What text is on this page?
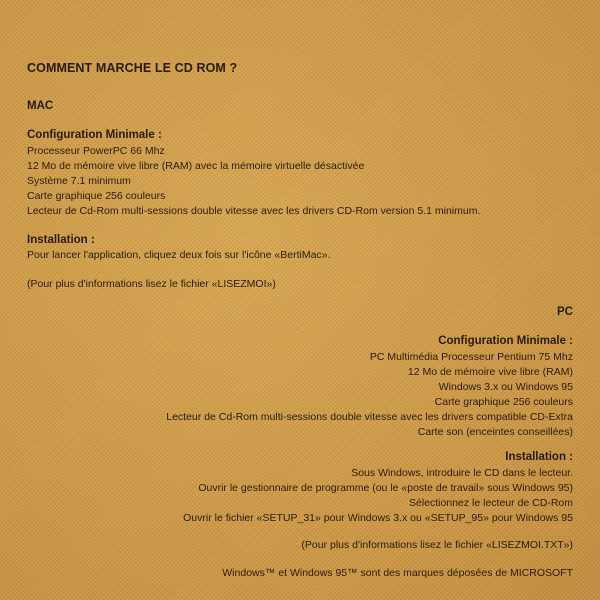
COMMENT MARCHE LE CD ROM ?
MAC
Configuration Minimale :
Processeur PowerPC 66 Mhz
12 Mo de mémoire vive libre (RAM) avec la mémoire virtuelle désactivée
Système 7.1 minimum
Carte graphique 256 couleurs
Lecteur de Cd-Rom multi-sessions double vitesse avec les drivers CD-Rom version 5.1 minimum.
Installation :
Pour lancer l'application, cliquez deux fois sur l'icône «BertiMac».
(Pour plus d'informations lisez le fichier «LISEZMOI»)
PC
Configuration Minimale :
PC Multimédia Processeur Pentium 75 Mhz
12 Mo de mémoire vive libre (RAM)
Windows 3.x ou Windows 95
Carte graphique 256 couleurs
Lecteur de Cd-Rom multi-sessions double vitesse avec les drivers compatible CD-Extra
Carte son (enceintes conseillées)
Installation :
Sous Windows, introduire le CD dans le lecteur.
Ouvrir le gestionnaire de programme (ou le «poste de travail» sous Windows 95)
Sélectionnez le lecteur de CD-Rom
Ouvrir le fichier «SETUP_31» pour Windows 3.x ou «SETUP_95» pour Windows 95
(Pour plus d'informations lisez le fichier «LISEZMOI.TXT»)
Windows™ et Windows 95™ sont des marques déposées de MICROSOFT
